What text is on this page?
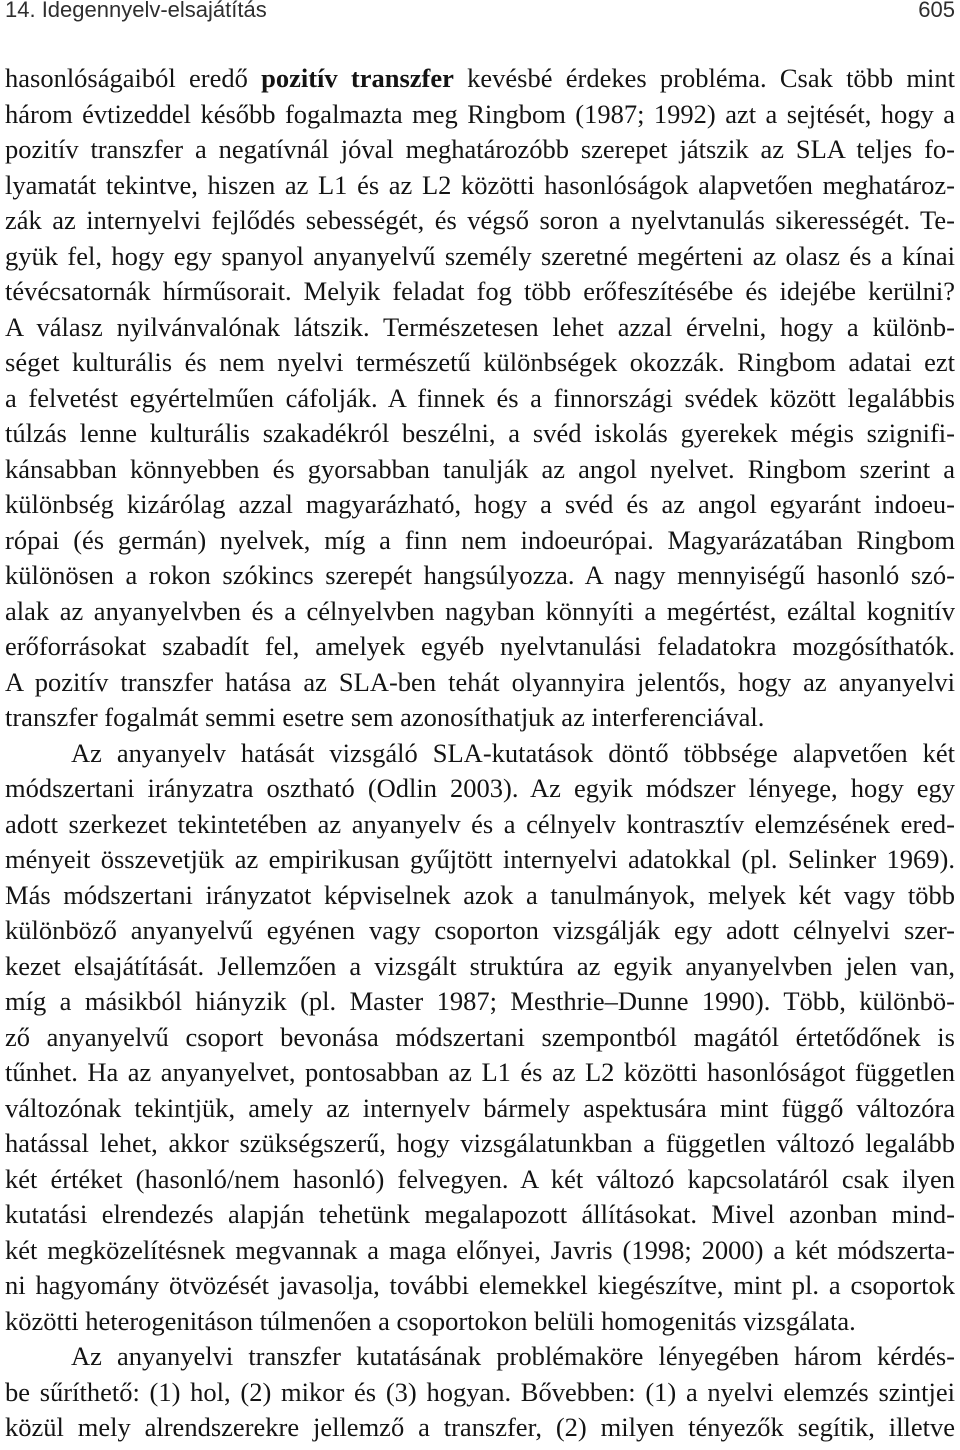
14. Idegennyelv-elsajátítás	605
hasonlóságaiból eredő pozitív transzfer kevésbé érdekes probléma. Csak több mint
három évtizeddel később fogalmazta meg Ringbom (1987; 1992) azt a sejtését, hogy a
pozitív transzfer a negatívnál jóval meghatározóbb szerepet játszik az SLA teljes fo-
lyamatát tekintve, hiszen az L1 és az L2 közötti hasonlóságok alapvetően meghatároz-
zák az internyelvi fejlődés sebességét, és végső soron a nyelvtanulás sikerességét. Te-
gyük fel, hogy egy spanyol anyanyelvű személy szeretné megérteni az olasz és a kínai
tévécsatornák hírműsorait. Melyik feladat fog több erőfeszítésébe és idejébe kerülni?
A válasz nyilvánvalónak látszik. Természetesen lehet azzal érvelni, hogy a különb-
séget kulturális és nem nyelvi természetű különbségek okozzák. Ringbom adatai ezt
a felvetést egyértelműen cáfolják. A finnek és a finnországi svédek között legalábbis
túlzás lenne kulturális szakadékról beszélni, a svéd iskolás gyerekek mégis szignifi-
kánsabban könnyebben és gyorsabban tanulják az angol nyelvet. Ringbom szerint a
különbség kizárólag azzal magyarázható, hogy a svéd és az angol egyaránt indoeu-
rópai (és germán) nyelvek, míg a finn nem indoeurópai. Magyarázatában Ringbom
különösen a rokon szókincs szerepét hangsúlyozza. A nagy mennyiségű hasonló szó-
alak az anyanyelvben és a célnyelvben nagyban könnyíti a megértést, ezáltal kognitív
erőforrásokat szabadít fel, amelyek egyéb nyelvtanulási feladatokra mozgósíthatók.
A pozitív transzfer hatása az SLA-ben tehát olyannyira jelentős, hogy az anyanyelvi
transzfer fogalmát semmi esetre sem azonosíthatjuk az interferenciával.
Az anyanyelv hatását vizsgáló SLA-kutatások döntő többsége alapvetően két
módszertani irányzatra osztható (Odlin 2003). Az egyik módszer lényege, hogy egy
adott szerkezet tekintetében az anyanyelv és a célnyelv kontrasztív elemzésének ered-
ményeit összevetjük az empirikusan gyűjtött internyelvi adatokkal (pl. Selinker 1969).
Más módszertani irányzatot képviselnek azok a tanulmányok, melyek két vagy több
különböző anyanyelvű egyénen vagy csoporton vizsgálják egy adott célnyelvi szer-
kezet elsajátítását. Jellemzően a vizsgált struktúra az egyik anyanyelvben jelen van,
míg a másikból hiányzik (pl. Master 1987; Mesthrie–Dunne 1990). Több, különbö-
ző anyanyelvű csoport bevonása módszertani szempontból magától értetődőnek is
tűnhet. Ha az anyanyelvet, pontosabban az L1 és az L2 közötti hasonlóságot független
változónak tekintjük, amely az internyelv bármely aspektusára mint függő változóra
hatással lehet, akkor szükségszerű, hogy vizsgálatunkban a független változó legalább
két értéket (hasonló/nem hasonló) felvegyen. A két változó kapcsolatáról csak ilyen
kutatási elrendezés alapján tehetünk megalapozott állításokat. Mivel azonban mind-
két megközelítésnek megvannak a maga előnyei, Javris (1998; 2000) a két módszerta-
ni hagyomány ötvözését javasolja, további elemekkel kiegészítve, mint pl. a csoportok
közötti heterogenitáson túlmenően a csoportokon belüli homogenitás vizsgálata.
Az anyanyelvi transzfer kutatásának problémaköre lényegében három kérdés-
be sűríthető: (1) hol, (2) mikor és (3) hogyan. Bővebben: (1) a nyelvi elemzés szintjei
közül mely alrendszerekre jellemző a transzfer, (2) milyen tényezők segítik, illetve
